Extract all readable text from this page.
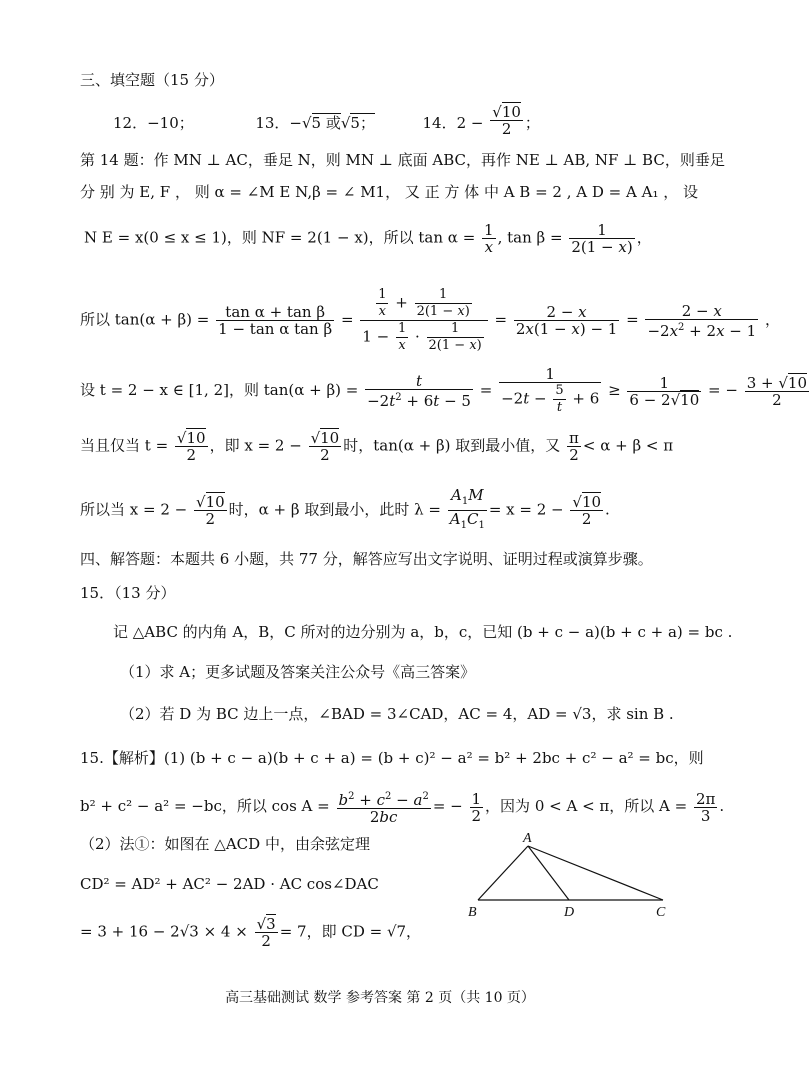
三、填空题（15 分）
12．−10；	13．−√5 或√5；	14．$2 - \frac{√10}{2}$ ；
第 14 题：作 MN ⊥ AC，垂足 N，则 MN ⊥ 底面 ABC，再作 NE ⊥ AB, NF ⊥ BC，则垂足
分 别 为 E, F ， 则 α = ∠M E N,β = ∠ M1， 又 正 方 体 中 A B = 2 , A D = A A₁ ， 设
N E = x(0 ≤ x ≤ 1)，则 NF = 2(1 − x)，所以 $\tan \alpha = \frac{1}{x}$ , $\tan \beta = \frac{1}{2(1 - x)}$ ，
所以 $\tan(\alpha + \beta) = \frac{\text{tan α + tan β}}{\text{1 − tan α tan β}} = \frac{\frac{1}{x} + \frac{1}{2(1 - x)}}{1 - \frac{1}{x} \cdot \frac{1}{2(1 - x)}} = \frac{2 - x}{2x(1 - x) - 1} = \frac{2 - x}{-2x^2 + 2x - 1}$ ，
设 t = 2 − x ∈ [1, 2]，则 $\tan(\alpha + \beta) = \frac{t}{-2t^2 + 6t - 5} = \frac{1}{-2t - \frac{5}{t} + 6} \ge \frac{1}{6 - 2√10}$ = − $\frac{3 + √10}{2}$
当且仅当 $t = \frac{√10}{2}$ ，即 $x = 2 - \frac{√10}{2}$ 时，tan(α + β) 取到最小值，又 $\frac{\pi}{2} < \alpha + \beta < \pi$
所以当 $x = 2 - \frac{√10}{2}$ 时，α + β 取到最小，此时 $\lambda = \frac{A_1M}{A_1C_1} = x = 2 - \frac{√10}{2}$ .
四、解答题：本题共 6 小题，共 77 分，解答应写出文字说明、证明过程或演算步骤。
15．（13 分）
记 △ABC 的内角 A，B，C 所对的边分别为 a，b，c，已知 (b + c − a)(b + c + a) = bc .
（1）求 A；更多试题及答案关注公众号《高三答案》
（2）若 D 为 BC 边上一点，∠BAD = 3∠CAD，AC = 4，AD = √3，求 sin B .
15.【解析】(1) (b + c − a)(b + c + a) = (b + c)² − a² = b² + 2bc + c² − a² = bc，则
b² + c² − a² = −bc，所以 $\cos A = \frac{b^2 + c^2 - a^2}{2bc}$ = − $\frac{1}{2}$ ，因为 0 < A < π，所以 $A = \frac{2\pi}{3}$ .
（2）法①：如图在 △ACD 中，由余弦定理
CD² = AD² + AC² − 2AD · AC cos∠DAC
= $3 + 16 - 2√3 \times 4 \times \frac{√3}{2} = 7$，即 CD = √7，
A
B	D	C
高三基础测试 数学 参考答案 第 2 页（共 10 页）
